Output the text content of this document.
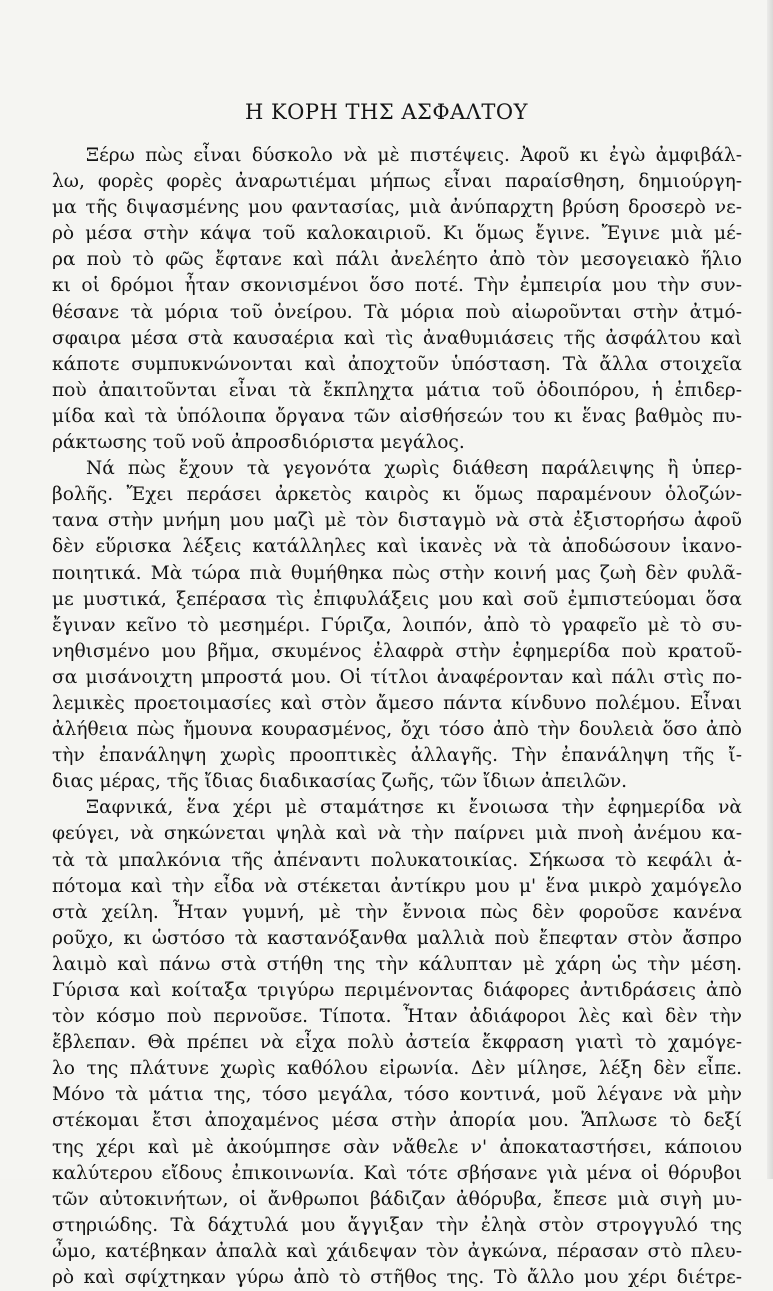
Η ΚΟΡΗ ΤΗΣ ΑΣΦΑΛΤΟΥ

Ξέρω πὼς εἶναι δύσκολο νὰ μὲ πιστέψεις. Ἀφοῦ κι ἐγὼ ἀμφιβάλ-
λω, φορὲς φορὲς ἀναρωτιέμαι μήπως εἶναι παραίσθηση, δημιούργη-
μα τῆς διψασμένης μου φαντασίας, μιὰ ἀνύπαρχτη βρύση δροσερὸ νε-
ρὸ μέσα στὴν κάψα τοῦ καλοκαιριοῦ. Κι ὅμως ἔγινε. Ἔγινε μιὰ μέ-
ρα ποὺ τὸ φῶς ἔφτανε καὶ πάλι ἀνελέητο ἀπὸ τὸν μεσογειακὸ ἥλιο
κι οἱ δρόμοι ἦταν σκονισμένοι ὅσο ποτέ. Τὴν ἐμπειρία μου τὴν συν-
θέσανε τὰ μόρια τοῦ ὀνείρου. Τὰ μόρια ποὺ αἰωροῦνται στὴν ἀτμό-
σφαιρα μέσα στὰ καυσαέρια καὶ τὶς ἀναθυμιάσεις τῆς ἀσφάλτου καὶ
κάποτε συμπυκνώνονται καὶ ἀποχτοῦν ὑπόσταση. Τὰ ἄλλα στοιχεῖα
ποὺ ἀπαιτοῦνται εἶναι τὰ ἔκπληχτα μάτια τοῦ ὁδοιπόρου, ἡ ἐπιδερ-
μίδα καὶ τὰ ὑπόλοιπα ὄργανα τῶν αἰσθήσεών του κι ἕνας βαθμὸς πυ-
ράκτωσης τοῦ νοῦ ἀπροσδιόριστα μεγάλος.

Νά πὼς ἔχουν τὰ γεγονότα χωρὶς διάθεση παράλειψης ἢ ὑπερ-
βολῆς. Ἔχει περάσει ἀρκετὸς καιρὸς κι ὅμως παραμένουν ὁλοζών-
τανα στὴν μνήμη μου μαζὶ μὲ τὸν δισταγμὸ νὰ στὰ ἐξιστορήσω ἀφοῦ
δὲν εὕρισκα λέξεις κατάλληλες καὶ ἱκανὲς νὰ τὰ ἀποδώσουν ἱκανο-
ποιητικά. Μὰ τώρα πιὰ θυμήθηκα πὼς στὴν κοινή μας ζωὴ δὲν φυλᾶ-
με μυστικά, ξεπέρασα τὶς ἐπιφυλάξεις μου καὶ σοῦ ἐμπιστεύομαι ὅσα
ἔγιναν κεῖνο τὸ μεσημέρι. Γύριζα, λοιπόν, ἀπὸ τὸ γραφεῖο μὲ τὸ συ-
νηθισμένο μου βῆμα, σκυμένος ἐλαφρὰ στὴν ἐφημερίδα ποὺ κρατοῦ-
σα μισάνοιχτη μπροστά μου. Οἱ τίτλοι ἀναφέρονταν καὶ πάλι στὶς πο-
λεμικὲς προετοιμασίες καὶ στὸν ἄμεσο πάντα κίνδυνο πολέμου. Εἶναι
ἀλήθεια πὼς ἤμουνα κουρασμένος, ὄχι τόσο ἀπὸ τὴν δουλειὰ ὅσο ἀπὸ
τὴν ἐπανάληψη χωρὶς προοπτικὲς ἀλλαγῆς. Τὴν ἐπανάληψη τῆς ἴ-
διας μέρας, τῆς ἴδιας διαδικασίας ζωῆς, τῶν ἴδιων ἀπειλῶν.

Ξαφνικά, ἕνα χέρι μὲ σταμάτησε κι ἔνοιωσα τὴν ἐφημερίδα νὰ
φεύγει, νὰ σηκώνεται ψηλὰ καὶ νὰ τὴν παίρνει μιὰ πνοὴ ἀνέμου κα-
τὰ τὰ μπαλκόνια τῆς ἀπέναντι πολυκατοικίας. Σήκωσα τὸ κεφάλι ἀ-
πότομα καὶ τὴν εἶδα νὰ στέκεται ἀντίκρυ μου μ' ἕνα μικρὸ χαμόγελο
στὰ χείλη. Ἦταν γυμνή, μὲ τὴν ἔννοια πὼς δὲν φοροῦσε κανένα
ροῦχο, κι ὡστόσο τὰ καστανόξανθα μαλλιὰ ποὺ ἔπεφταν στὸν ἄσπρο
λαιμὸ καὶ πάνω στὰ στήθη της τὴν κάλυπταν μὲ χάρη ὡς τὴν μέση.
Γύρισα καὶ κοίταξα τριγύρω περιμένοντας διάφορες ἀντιδράσεις ἀπὸ
τὸν κόσμο ποὺ περνοῦσε. Τίποτα. Ἦταν ἀδιάφοροι λὲς καὶ δὲν τὴν
ἔβλεπαν. Θὰ πρέπει νὰ εἶχα πολὺ ἀστεία ἔκφραση γιατὶ τὸ χαμόγε-
λο της πλάτυνε χωρὶς καθόλου εἰρωνία. Δὲν μίλησε, λέξη δὲν εἶπε.
Μόνο τὰ μάτια της, τόσο μεγάλα, τόσο κοντινά, μοῦ λέγανε νὰ μὴν
στέκομαι ἔτσι ἀποχαμένος μέσα στὴν ἀπορία μου. Ἅπλωσε τὸ δεξί
της χέρι καὶ μὲ ἀκούμπησε σὰν νἄθελε ν' ἀποκαταστήσει, κάποιου
καλύτερου εἴδους ἐπικοινωνία. Καὶ τότε σβήσανε γιὰ μένα οἱ θόρυβοι
τῶν αὐτοκινήτων, οἱ ἄνθρωποι βάδιζαν ἀθόρυβα, ἔπεσε μιὰ σιγὴ μυ-
στηριώδης. Τὰ δάχτυλά μου ἄγγιξαν τὴν ἐληὰ στὸν στρογγυλό της
ὦμο, κατέβηκαν ἀπαλὰ καὶ χάιδεψαν τὸν ἀγκώνα, πέρασαν στὸ πλευ-
ρὸ καὶ σφίχτηκαν γύρω ἀπὸ τὸ στῆθος της. Τὸ ἄλλο μου χέρι διέτρε-
